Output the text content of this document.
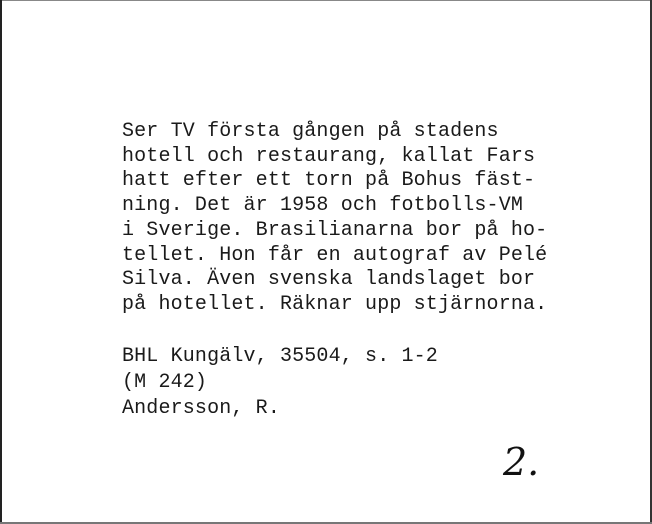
Ser TV första gången på stadens
hotell och restaurang, kallat Fars
hatt efter ett torn på Bohus fäst-
ning. Det är 1958 och fotbolls-VM
i Sverige. Brasilianarna bor på ho-
tellet. Hon får en autograf av Pelé
Silva. Även svenska landslaget bor
på hotellet. Räknar upp stjärnorna.
BHL Kungälv, 35504, s. 1-2
(M 242)
Andersson, R.
2.
